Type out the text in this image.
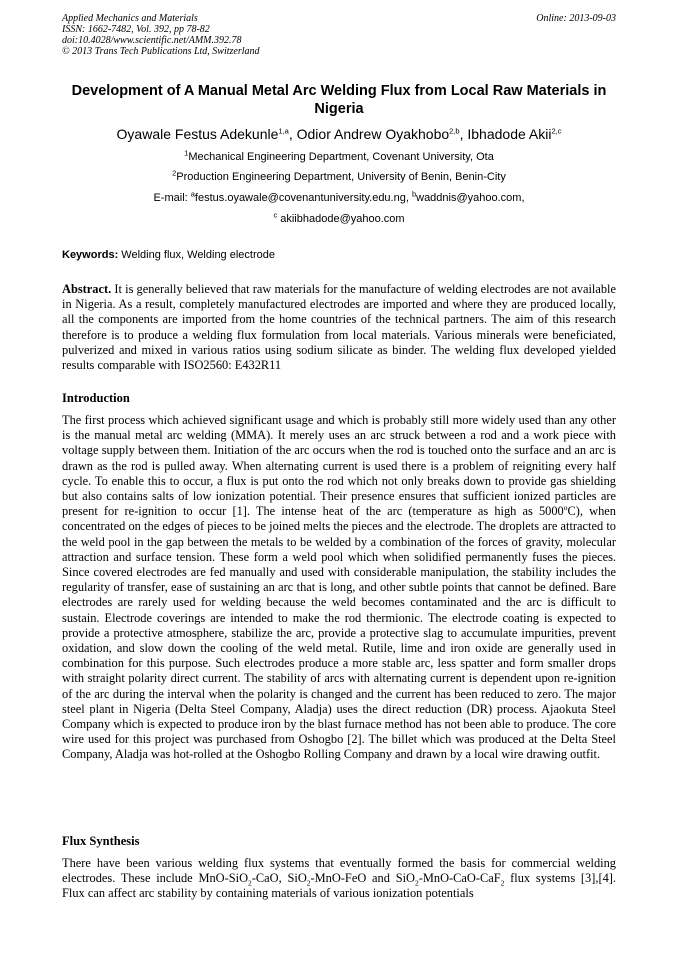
Applied Mechanics and Materials
ISSN: 1662-7482, Vol. 392, pp 78-82
doi:10.4028/www.scientific.net/AMM.392.78
© 2013 Trans Tech Publications Ltd, Switzerland
Online: 2013-09-03
Development of A Manual Metal Arc Welding Flux from Local Raw Materials in Nigeria
Oyawale Festus Adekunle$^{1,a}$, Odior Andrew Oyakhobo$^{2,b}$, Ibhadode Akii$^{2,c}$
$^1$Mechanical Engineering Department, Covenant University, Ota
$^2$Production Engineering Department, University of Benin, Benin-City
E-mail: $^a$festus.oyawale@covenantuniversity.edu.ng, $^b$waddnis@yahoo.com,
$^c$ akiibhadode@yahoo.com
Keywords: Welding flux, Welding electrode
Abstract. It is generally believed that raw materials for the manufacture of welding electrodes are not available in Nigeria. As a result, completely manufactured electrodes are imported and where they are produced locally, all the components are imported from the home countries of the technical partners. The aim of this research therefore is to produce a welding flux formulation from local materials. Various minerals were beneficiated, pulverized and mixed in various ratios using sodium silicate as binder. The welding flux developed yielded results comparable with ISO2560: E432R11
Introduction
The first process which achieved significant usage and which is probably still more widely used than any other is the manual metal arc welding (MMA). It merely uses an arc struck between a rod and a work piece with voltage supply between them. Initiation of the arc occurs when the rod is touched onto the surface and an arc is drawn as the rod is pulled away. When alternating current is used there is a problem of reigniting every half cycle. To enable this to occur, a flux is put onto the rod which not only breaks down to provide gas shielding but also contains salts of low ionization potential. Their presence ensures that sufficient ionized particles are present for re-ignition to occur [1]. The intense heat of the arc (temperature as high as 5000$^o$C), when concentrated on the edges of pieces to be joined melts the pieces and the electrode. The droplets are attracted to the weld pool in the gap between the metals to be welded by a combination of the forces of gravity, molecular attraction and surface tension. These form a weld pool which when solidified permanently fuses the pieces. Since covered electrodes are fed manually and used with considerable manipulation, the stability includes the regularity of transfer, ease of sustaining an arc that is long, and other subtle points that cannot be defined. Bare electrodes are rarely used for welding because the weld becomes contaminated and the arc is difficult to sustain. Electrode coverings are intended to make the rod thermionic. The electrode coating is expected to provide a protective atmosphere, stabilize the arc, provide a protective slag to accumulate impurities, prevent oxidation, and slow down the cooling of the weld metal. Rutile, lime and iron oxide are generally used in combination for this purpose. Such electrodes produce a more stable arc, less spatter and form smaller drops with straight polarity direct current. The stability of arcs with alternating current is dependent upon re-ignition of the arc during the interval when the polarity is changed and the current has been reduced to zero. The major steel plant in Nigeria (Delta Steel Company, Aladja) uses the direct reduction (DR) process. Ajaokuta Steel Company which is expected to produce iron by the blast furnace method has not been able to produce. The core wire used for this project was purchased from Oshogbo [2]. The billet which was produced at the Delta Steel Company, Aladja was hot-rolled at the Oshogbo Rolling Company and drawn by a local wire drawing outfit.
Flux Synthesis
There have been various welding flux systems that eventually formed the basis for commercial welding electrodes. These include MnO-SiO$_2$-CaO, SiO$_2$-MnO-FeO and SiO$_2$-MnO-CaO-CaF$_2$ flux systems [3],[4]. Flux can affect arc stability by containing materials of various ionization potentials
